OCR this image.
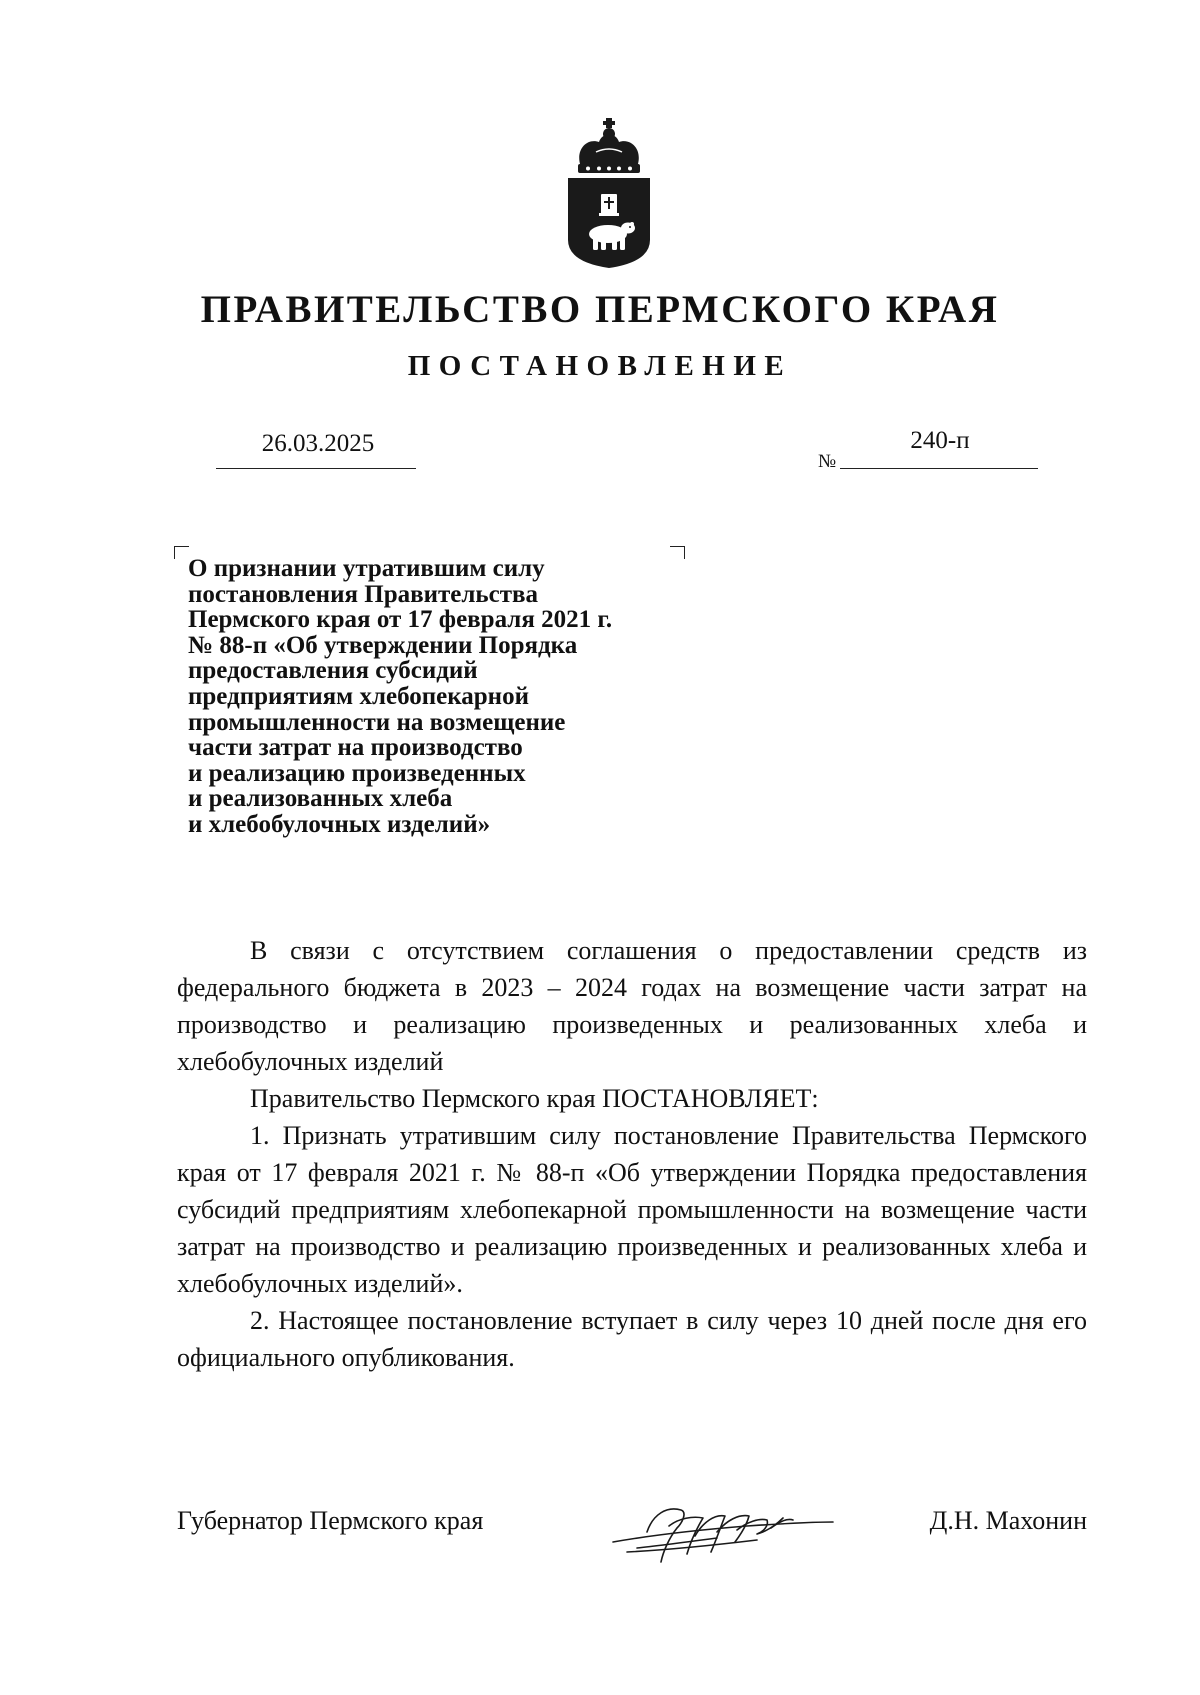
ПРАВИТЕЛЬСТВО ПЕРМСКОГО КРАЯ
ПОСТАНОВЛЕНИЕ
26.03.2025
№
240-п
О признании утратившим силу
постановления Правительства
Пермского края от 17 февраля 2021 г.
№ 88-п «Об утверждении Порядка
предоставления субсидий
предприятиям хлебопекарной
промышленности на возмещение
части затрат на производство
и реализацию произведенных
и реализованных хлеба
и хлебобулочных изделий»

В связи с отсутствием соглашения о предоставлении средств из федерального бюджета в 2023 – 2024 годах на возмещение части затрат на производство и реализацию произведенных и реализованных хлеба и хлебобулочных изделий

Правительство Пермского края ПОСТАНОВЛЯЕТ:

1. Признать утратившим силу постановление Правительства Пермского края от 17 февраля 2021 г. № 88-п «Об утверждении Порядка предоставления субсидий предприятиям хлебопекарной промышленности на возмещение части затрат на производство и реализацию произведенных и реализованных хлеба и хлебобулочных изделий».

2. Настоящее постановление вступает в силу через 10 дней после дня его официального опубликования.

Губернатор Пермского края	Д.Н. Махонин
